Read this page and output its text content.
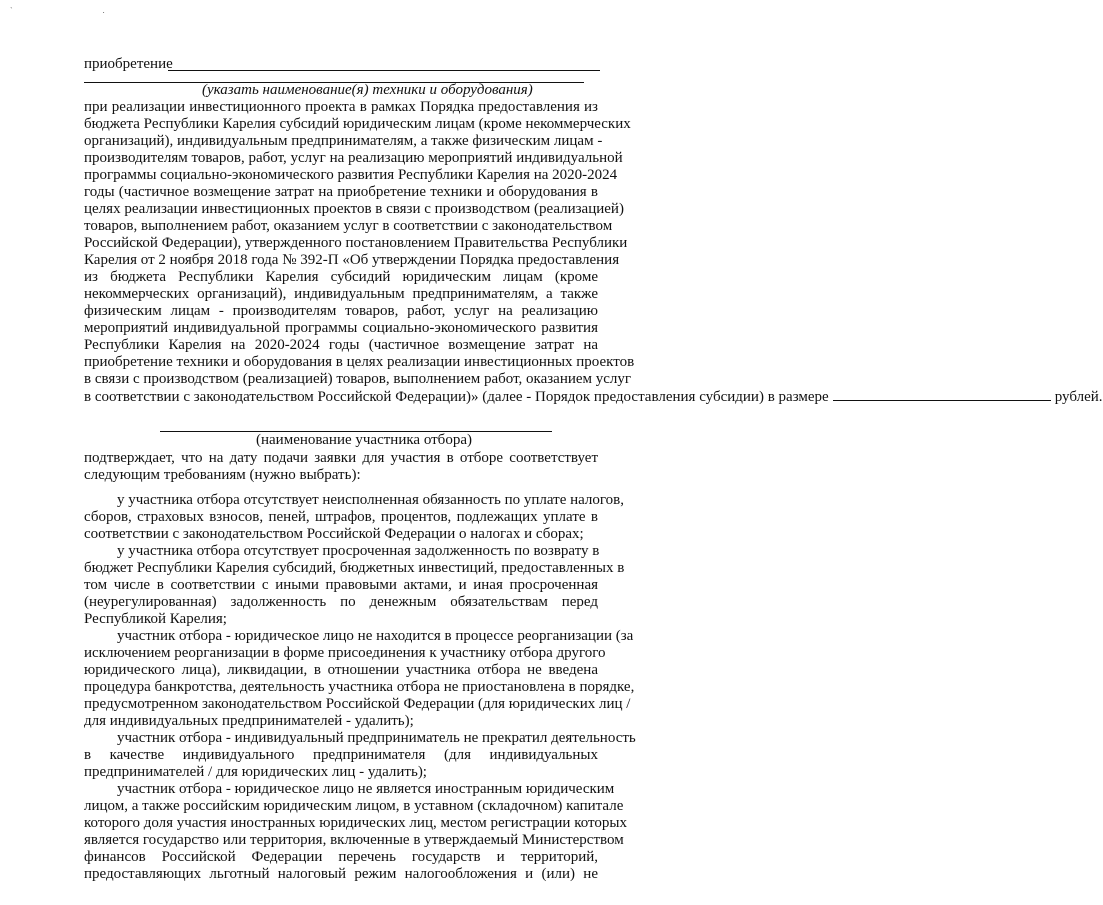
` .
приобретение
(указать наименование(я) техники и оборудования)
при реализации инвестиционного проекта в рамках Порядка предоставления из
бюджета Республики Карелия субсидий юридическим лицам (кроме некоммерческих
организаций), индивидуальным предпринимателям, а также физическим лицам -
производителям товаров, работ, услуг на реализацию мероприятий индивидуальной
программы социально-экономического развития Республики Карелия на 2020-2024
годы (частичное возмещение затрат на приобретение техники и оборудования в
целях реализации инвестиционных проектов в связи с производством (реализацией)
товаров, выполнением работ, оказанием услуг в соответствии с законодательством
Российской Федерации), утвержденного постановлением Правительства Республики
Карелия от 2 ноября 2018 года № 392-П «Об утверждении Порядка предоставления
из бюджета Республики Карелия субсидий юридическим лицам (кроме
некоммерческих организаций), индивидуальным предпринимателям, а также
физическим лицам - производителям товаров, работ, услуг на реализацию
мероприятий индивидуальной программы социально-экономического развития
Республики Карелия на 2020-2024 годы (частичное возмещение затрат на
приобретение техники и оборудования в целях реализации инвестиционных проектов
в связи с производством (реализацией) товаров, выполнением работ, оказанием услуг
в соответствии с законодательством Российской Федерации)» (далее - Порядок предоставления субсидии) в размере	рублей.
(наименование участника отбора)
подтверждает, что на дату подачи заявки для участия в отборе соответствует
следующим требованиям (нужно выбрать):
у участника отбора отсутствует неисполненная обязанность по уплате налогов,
сборов, страховых взносов, пеней, штрафов, процентов, подлежащих уплате в
соответствии с законодательством Российской Федерации о налогах и сборах;
у участника отбора отсутствует просроченная задолженность по возврату в
бюджет Республики Карелия субсидий, бюджетных инвестиций, предоставленных в
том числе в соответствии с иными правовыми актами, и иная просроченная
(неурегулированная) задолженность по денежным обязательствам перед
Республикой Карелия;
участник отбора - юридическое лицо не находится в процессе реорганизации (за
исключением реорганизации в форме присоединения к участнику отбора другого
юридического лица), ликвидации, в отношении участника отбора не введена
процедура банкротства, деятельность участника отбора не приостановлена в порядке,
предусмотренном законодательством Российской Федерации (для юридических лиц /
для индивидуальных предпринимателей - удалить);
участник отбора - индивидуальный предприниматель не прекратил деятельность
в качестве индивидуального предпринимателя (для индивидуальных
предпринимателей / для юридических лиц - удалить);
участник отбора - юридическое лицо не является иностранным юридическим
лицом, а также российским юридическим лицом, в уставном (складочном) капитале
которого доля участия иностранных юридических лиц, местом регистрации которых
является государство или территория, включенные в утверждаемый Министерством
финансов Российской Федерации перечень государств и территорий,
предоставляющих льготный налоговый режим налогообложения и (или) не
